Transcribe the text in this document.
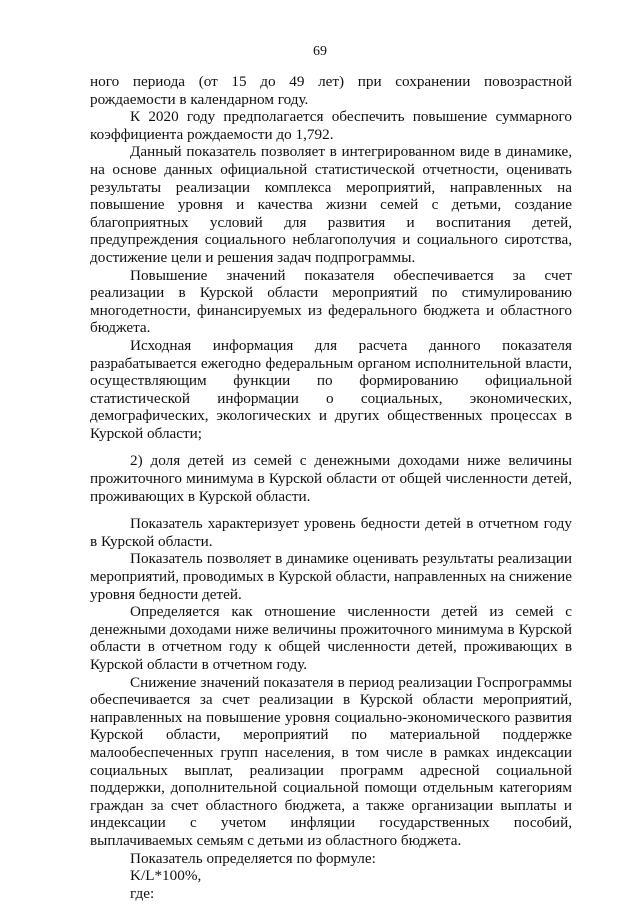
69

ного периода (от 15 до 49 лет) при сохранении повозрастной рождаемости в календарном году.

К 2020 году предполагается обеспечить повышение суммарного коэффициента рождаемости до 1,792.

Данный показатель позволяет в интегрированном виде в динамике, на основе данных официальной статистической отчетности, оценивать результаты реализации комплекса мероприятий, направленных на повышение уровня и качества жизни семей с детьми, создание благоприятных условий для развития и воспитания детей, предупреждения социального неблагополучия и социального сиротства, достижение цели и решения задач подпрограммы.

Повышение значений показателя обеспечивается за счет реализации в Курской области мероприятий по стимулированию многодетности, финансируемых из федерального бюджета и областного бюджета.

Исходная информация для расчета данного показателя разрабатывается ежегодно федеральным органом исполнительной власти, осуществляющим функции по формированию официальной статистической информации о социальных, экономических, демографических, экологических и других общественных процессах в Курской области;

2) доля детей из семей с денежными доходами ниже величины прожиточного минимума в Курской области от общей численности детей, проживающих в Курской области.

Показатель характеризует уровень бедности детей в отчетном году в Курской области.

Показатель позволяет в динамике оценивать результаты реализации мероприятий, проводимых в Курской области, направленных на снижение уровня бедности детей.

Определяется как отношение численности детей из семей с денежными доходами ниже величины прожиточного минимума в Курской области в отчетном году к общей численности детей, проживающих в Курской области в отчетном году.

Снижение значений показателя в период реализации Госпрограммы обеспечивается за счет реализации в Курской области мероприятий, направленных на повышение уровня социально-экономического развития Курской области, мероприятий по материальной поддержке малообеспеченных групп населения, в том числе в рамках индексации социальных выплат, реализации программ адресной социальной поддержки, дополнительной социальной помощи отдельным категориям граждан за счет областного бюджета, а также организации выплаты и индексации с учетом инфляции государственных пособий, выплачиваемых семьям с детьми из областного бюджета.

Показатель определяется по формуле:

K/L*100%,

где:
